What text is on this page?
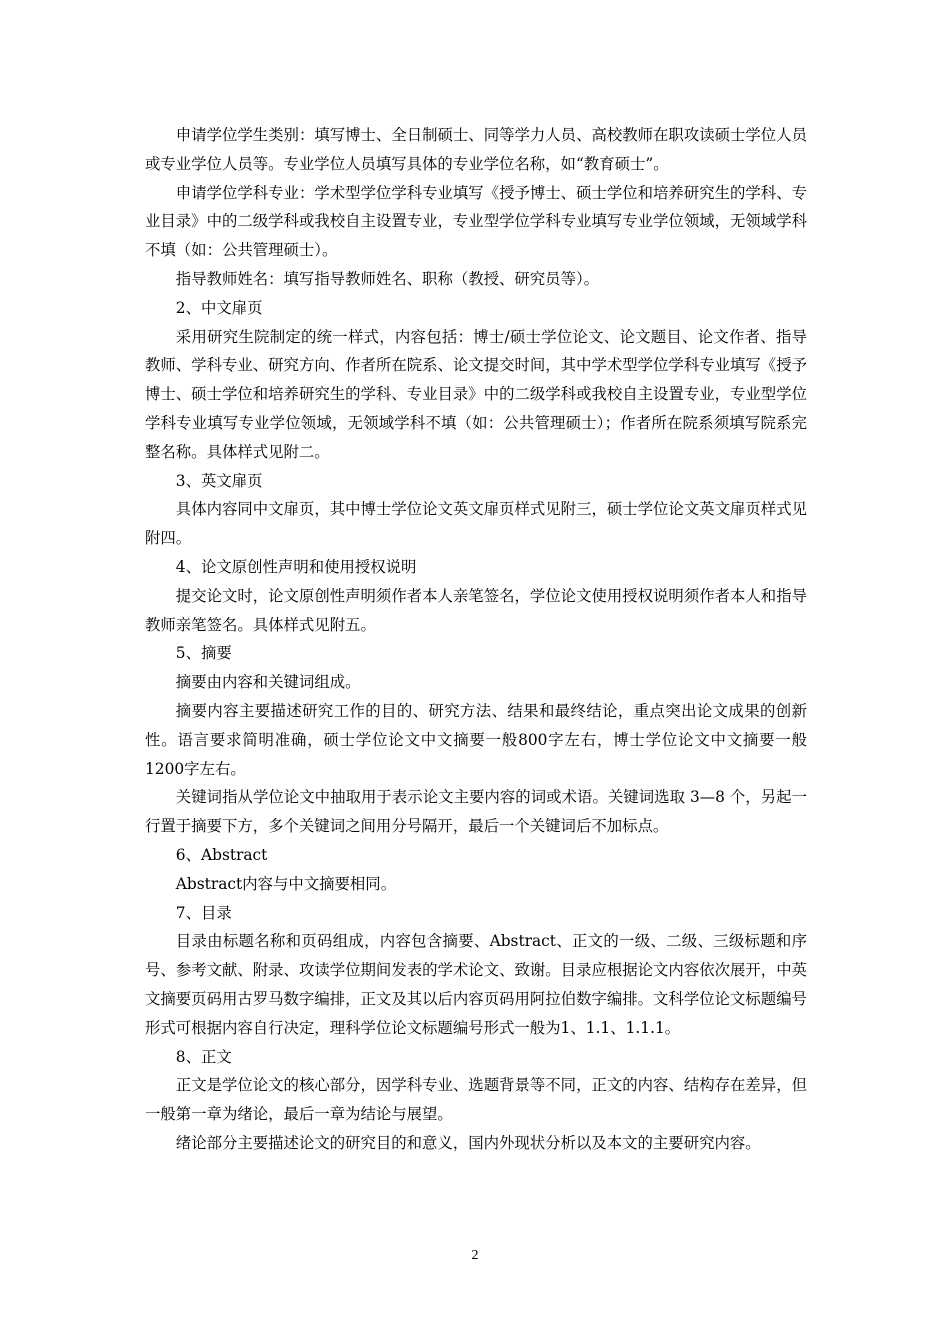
申请学位学生类别：填写博士、全日制硕士、同等学力人员、高校教师在职攻读硕士学位人员或专业学位人员等。专业学位人员填写具体的专业学位名称，如“教育硕士”。

申请学位学科专业：学术型学位学科专业填写《授予博士、硕士学位和培养研究生的学科、专业目录》中的二级学科或我校自主设置专业，专业型学位学科专业填写专业学位领域，无领域学科不填（如：公共管理硕士）。

指导教师姓名：填写指导教师姓名、职称（教授、研究员等）。

2、中文扉页

采用研究生院制定的统一样式，内容包括：博士/硕士学位论文、论文题目、论文作者、指导教师、学科专业、研究方向、作者所在院系、论文提交时间，其中学术型学位学科专业填写《授予博士、硕士学位和培养研究生的学科、专业目录》中的二级学科或我校自主设置专业，专业型学位学科专业填写专业学位领域，无领域学科不填（如：公共管理硕士）；作者所在院系须填写院系完整名称。具体样式见附二。

3、英文扉页

具体内容同中文扉页，其中博士学位论文英文扉页样式见附三，硕士学位论文英文扉页样式见附四。

4、论文原创性声明和使用授权说明

提交论文时，论文原创性声明须作者本人亲笔签名，学位论文使用授权说明须作者本人和指导教师亲笔签名。具体样式见附五。

5、摘要

摘要由内容和关键词组成。

摘要内容主要描述研究工作的目的、研究方法、结果和最终结论，重点突出论文成果的创新性。语言要求简明准确，硕士学位论文中文摘要一般800字左右，博士学位论文中文摘要一般1200字左右。

关键词指从学位论文中抽取用于表示论文主要内容的词或术语。关键词选取 3—8 个，另起一行置于摘要下方，多个关键词之间用分号隔开，最后一个关键词后不加标点。

6、Abstract

Abstract内容与中文摘要相同。

7、目录

目录由标题名称和页码组成，内容包含摘要、Abstract、正文的一级、二级、三级标题和序号、参考文献、附录、攻读学位期间发表的学术论文、致谢。目录应根据论文内容依次展开，中英文摘要页码用古罗马数字编排，正文及其以后内容页码用阿拉伯数字编排。文科学位论文标题编号形式可根据内容自行决定，理科学位论文标题编号形式一般为1、1.1、1.1.1。

8、正文

正文是学位论文的核心部分，因学科专业、选题背景等不同，正文的内容、结构存在差异，但一般第一章为绪论，最后一章为结论与展望。

绪论部分主要描述论文的研究目的和意义，国内外现状分析以及本文的主要研究内容。

2
